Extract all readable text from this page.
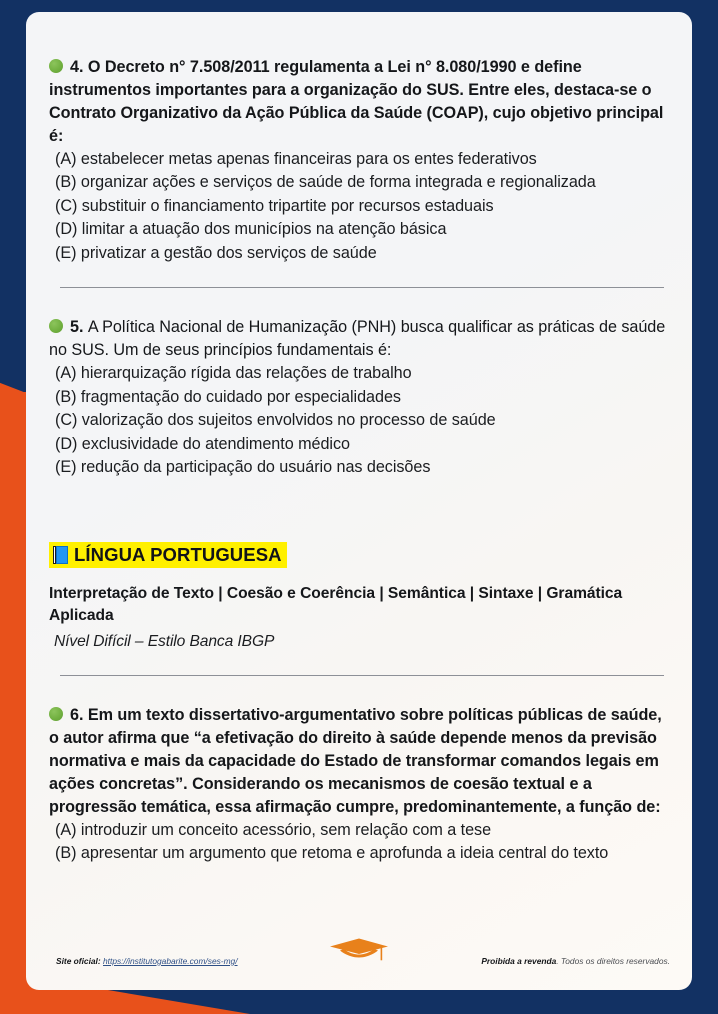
4. O Decreto n° 7.508/2011 regulamenta a Lei n° 8.080/1990 e define instrumentos importantes para a organização do SUS. Entre eles, destaca-se o Contrato Organizativo da Ação Pública da Saúde (COAP), cujo objetivo principal é:

(A) estabelecer metas apenas financeiras para os entes federativos
(B) organizar ações e serviços de saúde de forma integrada e regionalizada
(C) substituir o financiamento tripartite por recursos estaduais
(D) limitar a atuação dos municípios na atenção básica
(E) privatizar a gestão dos serviços de saúde

5. A Política Nacional de Humanização (PNH) busca qualificar as práticas de saúde no SUS. Um de seus princípios fundamentais é:

(A) hierarquização rígida das relações de trabalho
(B) fragmentação do cuidado por especialidades
(C) valorização dos sujeitos envolvidos no processo de saúde
(D) exclusividade do atendimento médico
(E) redução da participação do usuário nas decisões
LÍNGUA PORTUGUESA

Interpretação de Texto | Coesão e Coerência | Semântica | Sintaxe | Gramática Aplicada

Nível Difícil – Estilo Banca IBGP

6. Em um texto dissertativo-argumentativo sobre políticas públicas de saúde, o autor afirma que “a efetivação do direito à saúde depende menos da previsão normativa e mais da capacidade do Estado de transformar comandos legais em ações concretas”. Considerando os mecanismos de coesão textual e a progressão temática, essa afirmação cumpre, predominantemente, a função de:

(A) introduzir um conceito acessório, sem relação com a tese
(B) apresentar um argumento que retoma e aprofunda a ideia central do texto
Site oficial: https://institutogabarite.com/ses-mg/	Proibida a revenda. Todos os direitos reservados.
